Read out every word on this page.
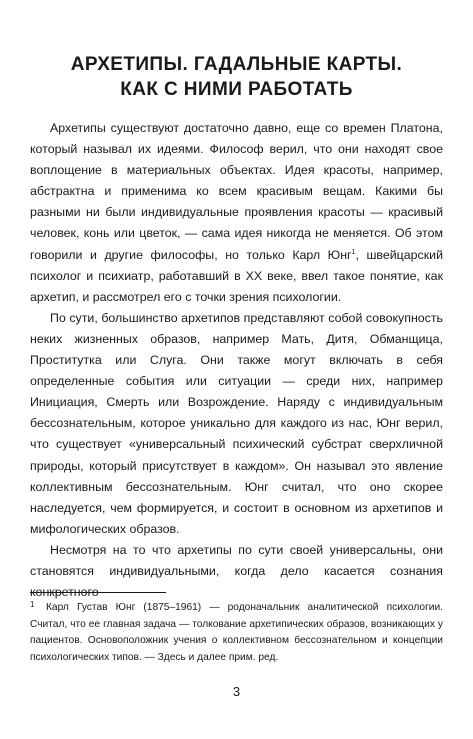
АРХЕТИПЫ. ГАДАЛЬНЫЕ КАРТЫ.
КАК С НИМИ РАБОТАТЬ

Архетипы существуют достаточно давно, еще со времен Платона, который называл их идеями. Философ верил, что они находят свое воплощение в материальных объектах. Идея красоты, например, абстрактна и применима ко всем красивым вещам. Какими бы разными ни были индивидуальные проявления красоты — красивый человек, конь или цветок, — сама идея никогда не меняется. Об этом говорили и другие философы, но только Карл Юнг$^1$, швейцарский психолог и психиатр, работавший в XX веке, ввел такое понятие, как архетип, и рассмотрел его с точки зрения психологии.

По сути, большинство архетипов представляют собой совокупность неких жизненных образов, например Мать, Дитя, Обманщица, Проститутка или Слуга. Они также могут включать в себя определенные события или ситуации — среди них, например Инициация, Смерть или Возрождение. Наряду с индивидуальным бессознательным, которое уникально для каждого из нас, Юнг верил, что существует «универсальный психический субстрат сверхличной природы, который присутствует в каждом». Он называл это явление коллективным бессознательным. Юнг считал, что оно скорее наследуется, чем формируется, и состоит в основном из архетипов и мифологических образов.

Несмотря на то что архетипы по сути своей универсальны, они становятся индивидуальными, когда дело касается сознания конкретного

1 Карл Густав Юнг (1875–1961) — родоначальник аналитической психологии. Считал, что ее главная задача — толкование архетипических образов, возникающих у пациентов. Основоположник учения о коллективном бессознательном и концепции психологических типов. — Здесь и далее прим. ред.

3
